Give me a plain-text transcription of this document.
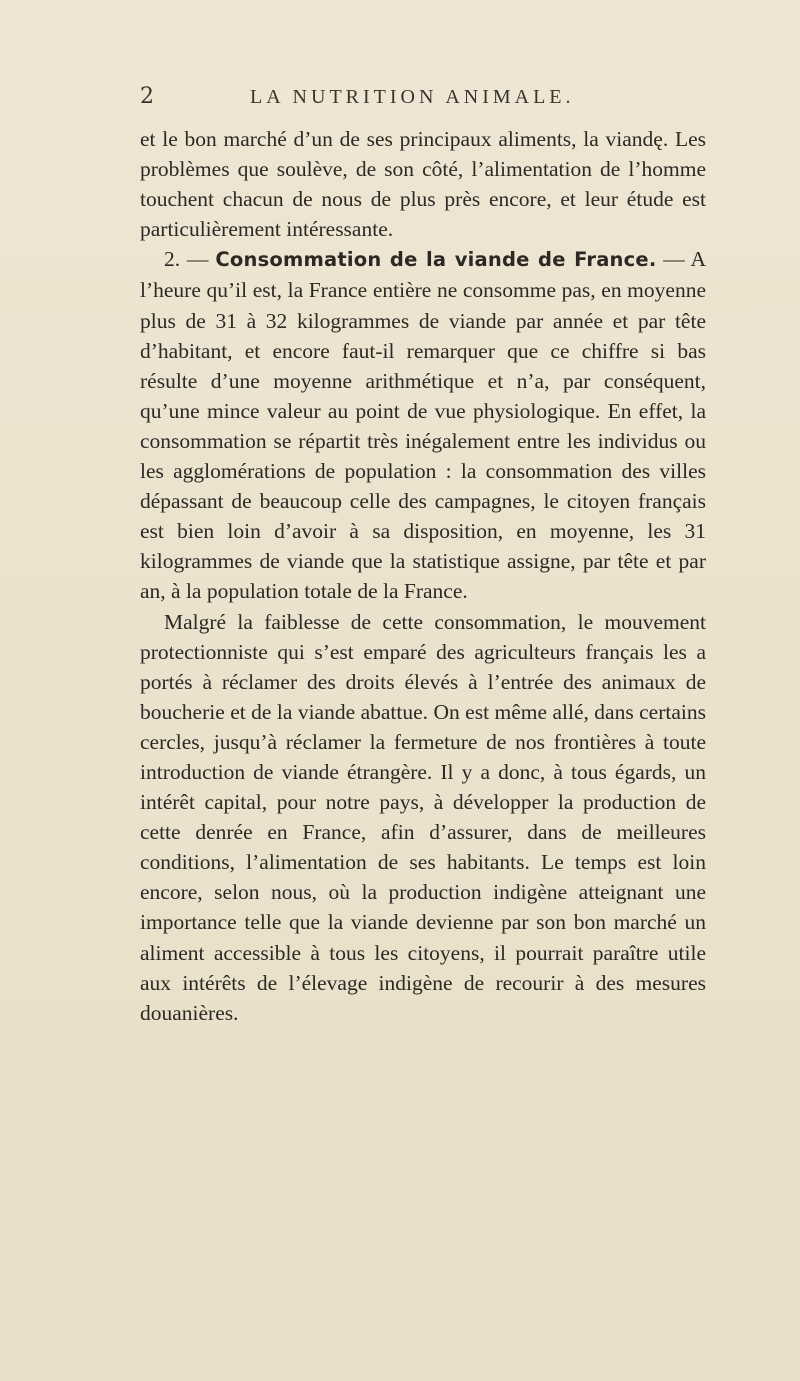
2	LA NUTRITION ANIMALE.

et le bon marché d’un de ses principaux aliments, la viandę. Les problèmes que soulève, de son côté, l’alimentation de l’homme touchent chacun de nous de plus près encore, et leur étude est particulièrement intéressante.

2. — Consommation de la viande de France. — A l’heure qu’il est, la France entière ne consomme pas, en moyenne plus de 31 à 32 kilogrammes de viande par année et par tête d’habitant, et encore faut-il remarquer que ce chiffre si bas résulte d’une moyenne arithmétique et n’a, par conséquent, qu’une mince valeur au point de vue physiologique. En effet, la consommation se répartit très inégalement entre les individus ou les agglomérations de population : la consommation des villes dépassant de beaucoup celle des campagnes, le citoyen français est bien loin d’avoir à sa disposition, en moyenne, les 31 kilogrammes de viande que la statistique assigne, par tête et par an, à la population totale de la France.

Malgré la faiblesse de cette consommation, le mouvement protectionniste qui s’est emparé des agriculteurs français les a portés à réclamer des droits élevés à l’entrée des animaux de boucherie et de la viande abattue. On est même allé, dans certains cercles, jusqu’à réclamer la fermeture de nos frontières à toute introduction de viande étrangère. Il y a donc, à tous égards, un intérêt capital, pour notre pays, à développer la production de cette denrée en France, afin d’assurer, dans de meilleures conditions, l’alimentation de ses habitants. Le temps est loin encore, selon nous, où la production indigène atteignant une importance telle que la viande devienne par son bon marché un aliment accessible à tous les citoyens, il pourrait paraître utile aux intérêts de l’élevage indigène de recourir à des mesures douanières.
